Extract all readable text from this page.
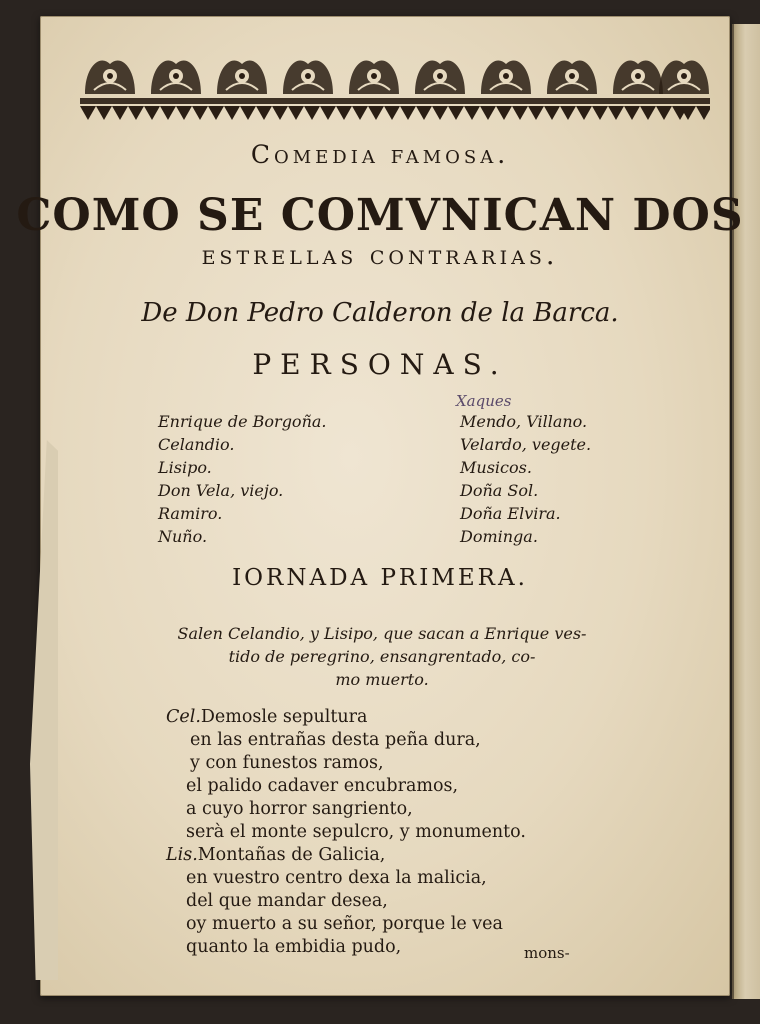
Comedia famosa.
COMO SE COMVNICAN DOS
estrellas contrarias.
De Don Pedro Calderon de la Barca.
PERSONAS.
Xaques
Enrique de Borgoña.
Celandio.
Lisipo.
Don Vela, viejo.
Ramiro.
Nuño.
Mendo, Villano.
Velardo, vegete.
Musicos.
Doña Sol.
Doña Elvira.
Dominga.
IORNADA PRIMERA.
Salen Celandio, y Lisipo, que sacan a Enrique ves-
tido de peregrino, ensangrentado, co-
mo muerto.
Cel.Demosle sepultura
en las entrañas desta peña dura,
y con funestos ramos,
el palido cadaver encubramos,
a cuyo horror sangriento,
serà el monte sepulcro, y monumento.
Lis.Montañas de Galicia,
en vuestro centro dexa la malicia,
del que mandar desea,
oy muerto a su señor, porque le vea
quanto la embidia pudo,	mons-
